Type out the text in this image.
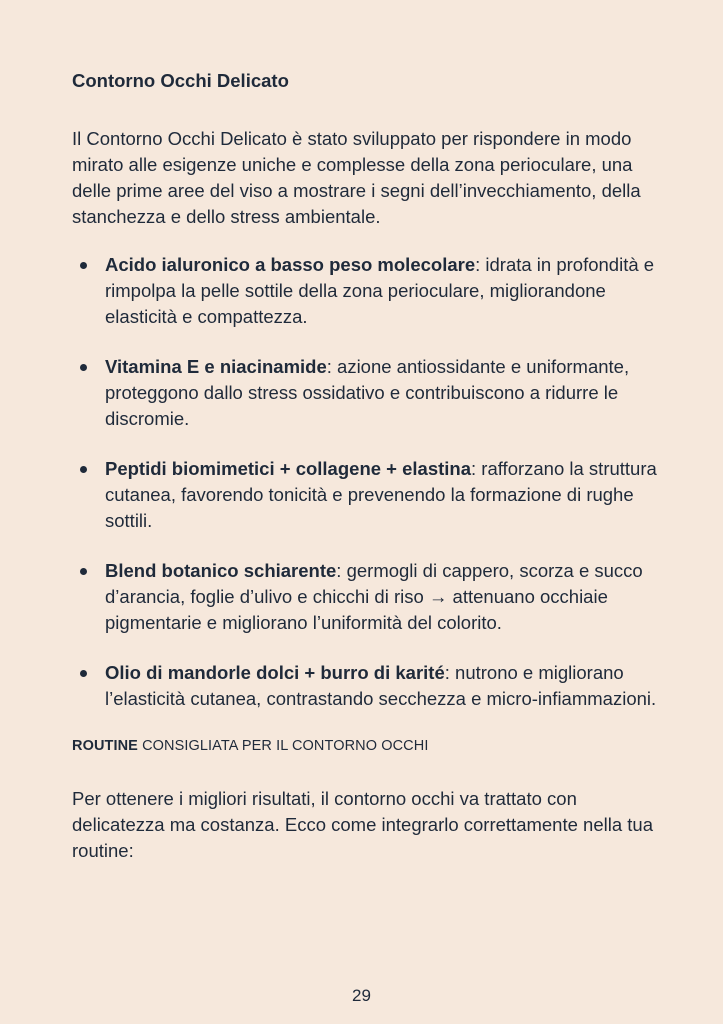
Contorno Occhi Delicato

Il Contorno Occhi Delicato è stato sviluppato per rispondere in modo mirato alle esigenze uniche e complesse della zona perioculare, una delle prime aree del viso a mostrare i segni dell’invecchiamento, della stanchezza e dello stress ambientale.

Acido ialuronico a basso peso molecolare: idrata in profondità e rimpolpa la pelle sottile della zona perioculare, migliorandone elasticità e compattezza.
Vitamina E e niacinamide: azione antiossidante e uniformante, proteggono dallo stress ossidativo e contribuiscono a ridurre le discromie.
Peptidi biomimetici + collagene + elastina: rafforzano la struttura cutanea, favorendo tonicità e prevenendo la formazione di rughe sottili.
Blend botanico schiarente: germogli di cappero, scorza e succo d’arancia, foglie d’ulivo e chicchi di riso → attenuano occhiaie pigmentarie e migliorano l’uniformità del colorito.
Olio di mandorle dolci + burro di karité: nutrono e migliorano l’elasticità cutanea, contrastando secchezza e micro-infiammazioni.
ROUTINE CONSIGLIATA PER IL CONTORNO OCCHI

Per ottenere i migliori risultati, il contorno occhi va trattato con delicatezza ma costanza. Ecco come integrarlo correttamente nella tua routine:

29
